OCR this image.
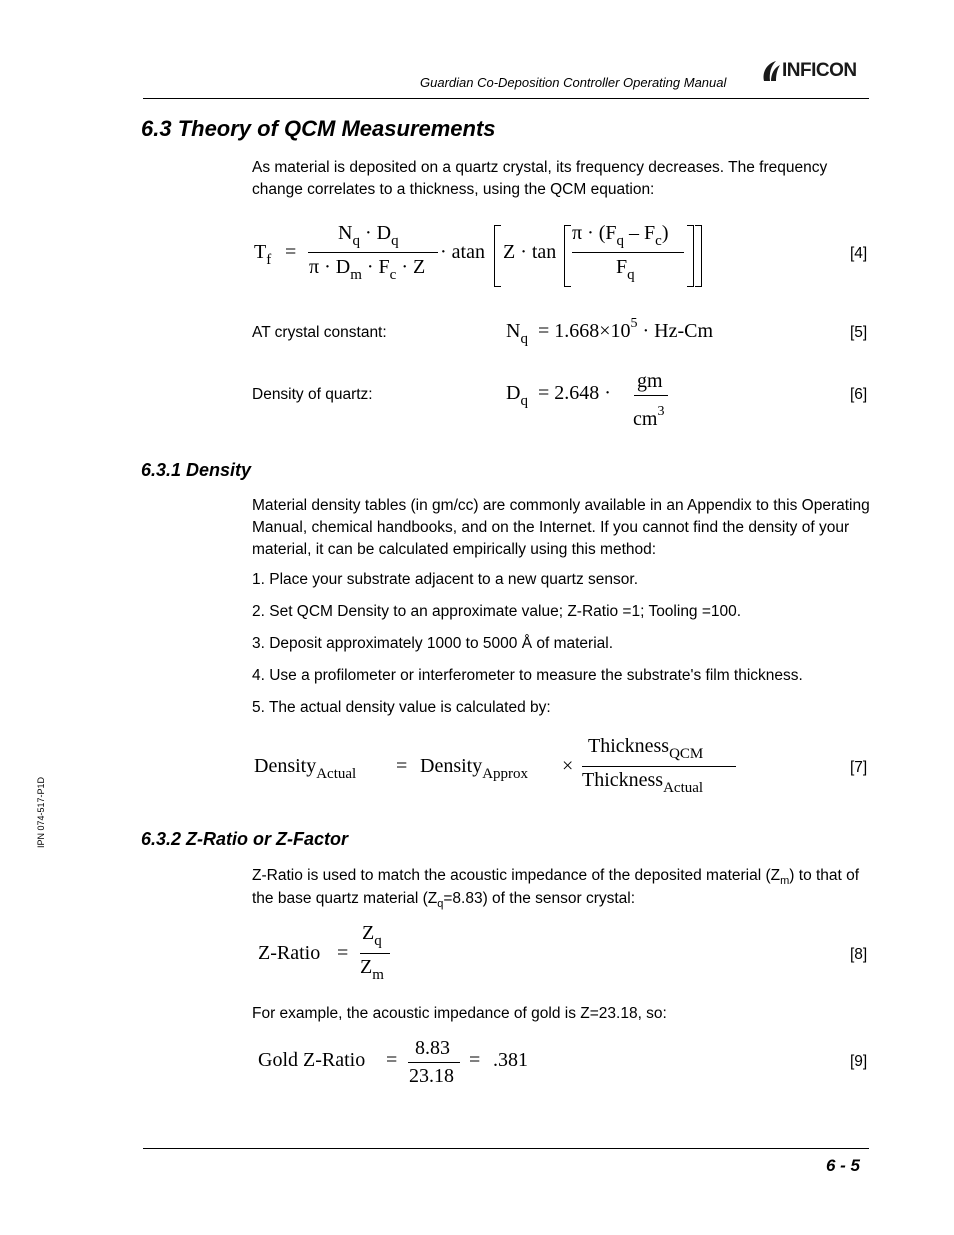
Guardian Co-Deposition Controller Operating Manual
INFICON
6.3 Theory of QCM Measurements
As material is deposited on a quartz crystal, its frequency decreases. The frequency change correlates to a thickness, using the QCM equation:
$T_f$ =
$N_q \cdot D_q$
$\pi \cdot D_m \cdot F_c \cdot Z$
· atan Z · tan
$\pi \cdot (F_q - F_c)$
$F_q$
[4]
AT crystal constant:	$N_q = 1.668\times 10^5 \cdot Hz-Cm$	[5]
Density of quartz:	$D_q = 2.648$ ·
gm
$cm^3$
[6]
6.3.1 Density
Material density tables (in gm/cc) are commonly available in an Appendix to this Operating Manual, chemical handbooks, and on the Internet. If you cannot find the density of your material, it can be calculated empirically using this method:
1. Place your substrate adjacent to a new quartz sensor.
2. Set QCM Density to an approximate value; Z-Ratio =1; Tooling =100.
3. Deposit approximately 1000 to 5000 Å of material.
4. Use a profilometer or interferometer to measure the substrate's film thickness.
5. The actual density value is calculated by:
Density$_{Actual}$ = Density$_{Approx}$ ×
Thickness$_{QCM}$
Thickness$_{Actual}$
[7]
6.3.2 Z-Ratio or Z-Factor
Z-Ratio is used to match the acoustic impedance of the deposited material $(Z_m)$ to that of the base quartz material $(Z_q=8.83)$ of the sensor crystal:
Z-Ratio =
$Z_q$
$Z_m$
[8]
For example, the acoustic impedance of gold is Z=23.18, so:
Gold Z-Ratio =
8.83
23.18
= .381	[9]
IPN 074-517-P1D
6 - 5
